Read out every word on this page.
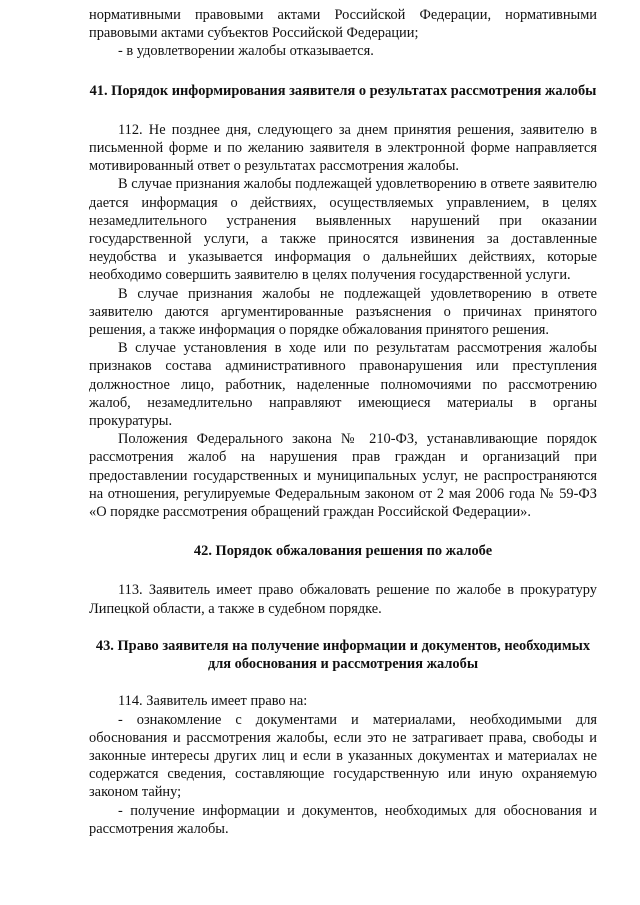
нормативными правовыми актами Российской Федерации, нормативными правовыми актами субъектов Российской Федерации;

- в удовлетворении жалобы отказывается.

41. Порядок информирования заявителя о результатах рассмотрения жалобы

112. Не позднее дня, следующего за днем принятия решения, заявителю в письменной форме и по желанию заявителя в электронной форме направляется мотивированный ответ о результатах рассмотрения жалобы.

В случае признания жалобы подлежащей удовлетворению в ответе заявителю дается информация о действиях, осуществляемых управлением, в целях незамедлительного устранения выявленных нарушений при оказании государственной услуги, а также приносятся извинения за доставленные неудобства и указывается информация о дальнейших действиях, которые необходимо совершить заявителю в целях получения государственной услуги.

В случае признания жалобы не подлежащей удовлетворению в ответе заявителю даются аргументированные разъяснения о причинах принятого решения, а также информация о порядке обжалования принятого решения.

В случае установления в ходе или по результатам рассмотрения жалобы признаков состава административного правонарушения или преступления должностное лицо, работник, наделенные полномочиями по рассмотрению жалоб, незамедлительно направляют имеющиеся материалы в органы прокуратуры.

Положения Федерального закона № 210-ФЗ, устанавливающие порядок рассмотрения жалоб на нарушения прав граждан и организаций при предоставлении государственных и муниципальных услуг, не распространяются на отношения, регулируемые Федеральным законом от 2 мая 2006 года № 59-ФЗ «О порядке рассмотрения обращений граждан Российской Федерации».

42. Порядок обжалования решения по жалобе

113. Заявитель имеет право обжаловать решение по жалобе в прокуратуру Липецкой области, а также в судебном порядке.

43. Право заявителя на получение информации и документов, необходимых для обоснования и рассмотрения жалобы

114. Заявитель имеет право на:

- ознакомление с документами и материалами, необходимыми для обоснования и рассмотрения жалобы, если это не затрагивает права, свободы и законные интересы других лиц и если в указанных документах и материалах не содержатся сведения, составляющие государственную или иную охраняемую законом тайну;

- получение информации и документов, необходимых для обоснования и рассмотрения жалобы.
